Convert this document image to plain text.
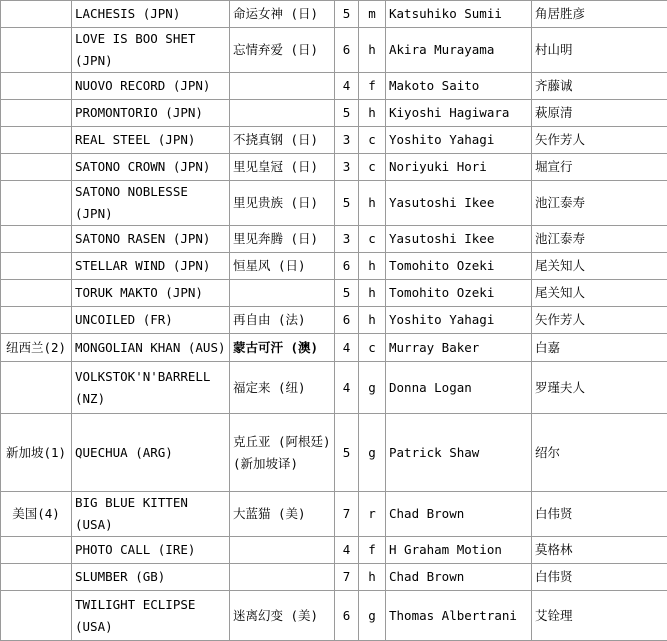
	LACHESIS (JPN)	命运女神 (日)	5	m	Katsuhiko Sumii	角居胜彦
	LOVE IS BOO SHET (JPN)	忘情弃爱 (日)	6	h	Akira Murayama	村山明
	NUOVO RECORD (JPN)		4	f	Makoto Saito	齐藤诚
	PROMONTORIO (JPN)		5	h	Kiyoshi Hagiwara	萩原清
	REAL STEEL (JPN)	不挠真钢 (日)	3	c	Yoshito Yahagi	矢作芳人
	SATONO CROWN (JPN)	里见皇冠 (日)	3	c	Noriyuki Hori	堀宣行
	SATONO NOBLESSE (JPN)	里见贵族 (日)	5	h	Yasutoshi Ikee	池江泰寿
	SATONO RASEN (JPN)	里见奔腾 (日)	3	c	Yasutoshi Ikee	池江泰寿
	STELLAR WIND (JPN)	恒星风 (日)	6	h	Tomohito Ozeki	尾关知人
	TORUK MAKTO (JPN)		5	h	Tomohito Ozeki	尾关知人
	UNCOILED (FR)	再自由 (法)	6	h	Yoshito Yahagi	矢作芳人
纽西兰(2)	MONGOLIAN KHAN (AUS)	蒙古可汗 (澳)	4	c	Murray Baker	白嘉
	VOLKSTOK'N'BARRELL (NZ)	福定来 (纽)	4	g	Donna Logan	罗瑾夫人
新加坡(1)	QUECHUA (ARG)	克丘亚 (阿根廷) (新加坡译)	5	g	Patrick Shaw	绍尔
美国(4)	BIG BLUE KITTEN (USA)	大蓝猫 (美)	7	r	Chad Brown	白伟贤
	PHOTO CALL (IRE)		4	f	H Graham Motion	莫格林
	SLUMBER (GB)		7	h	Chad Brown	白伟贤
	TWILIGHT ECLIPSE (USA)	迷离幻变 (美)	6	g	Thomas Albertrani	艾铨理
